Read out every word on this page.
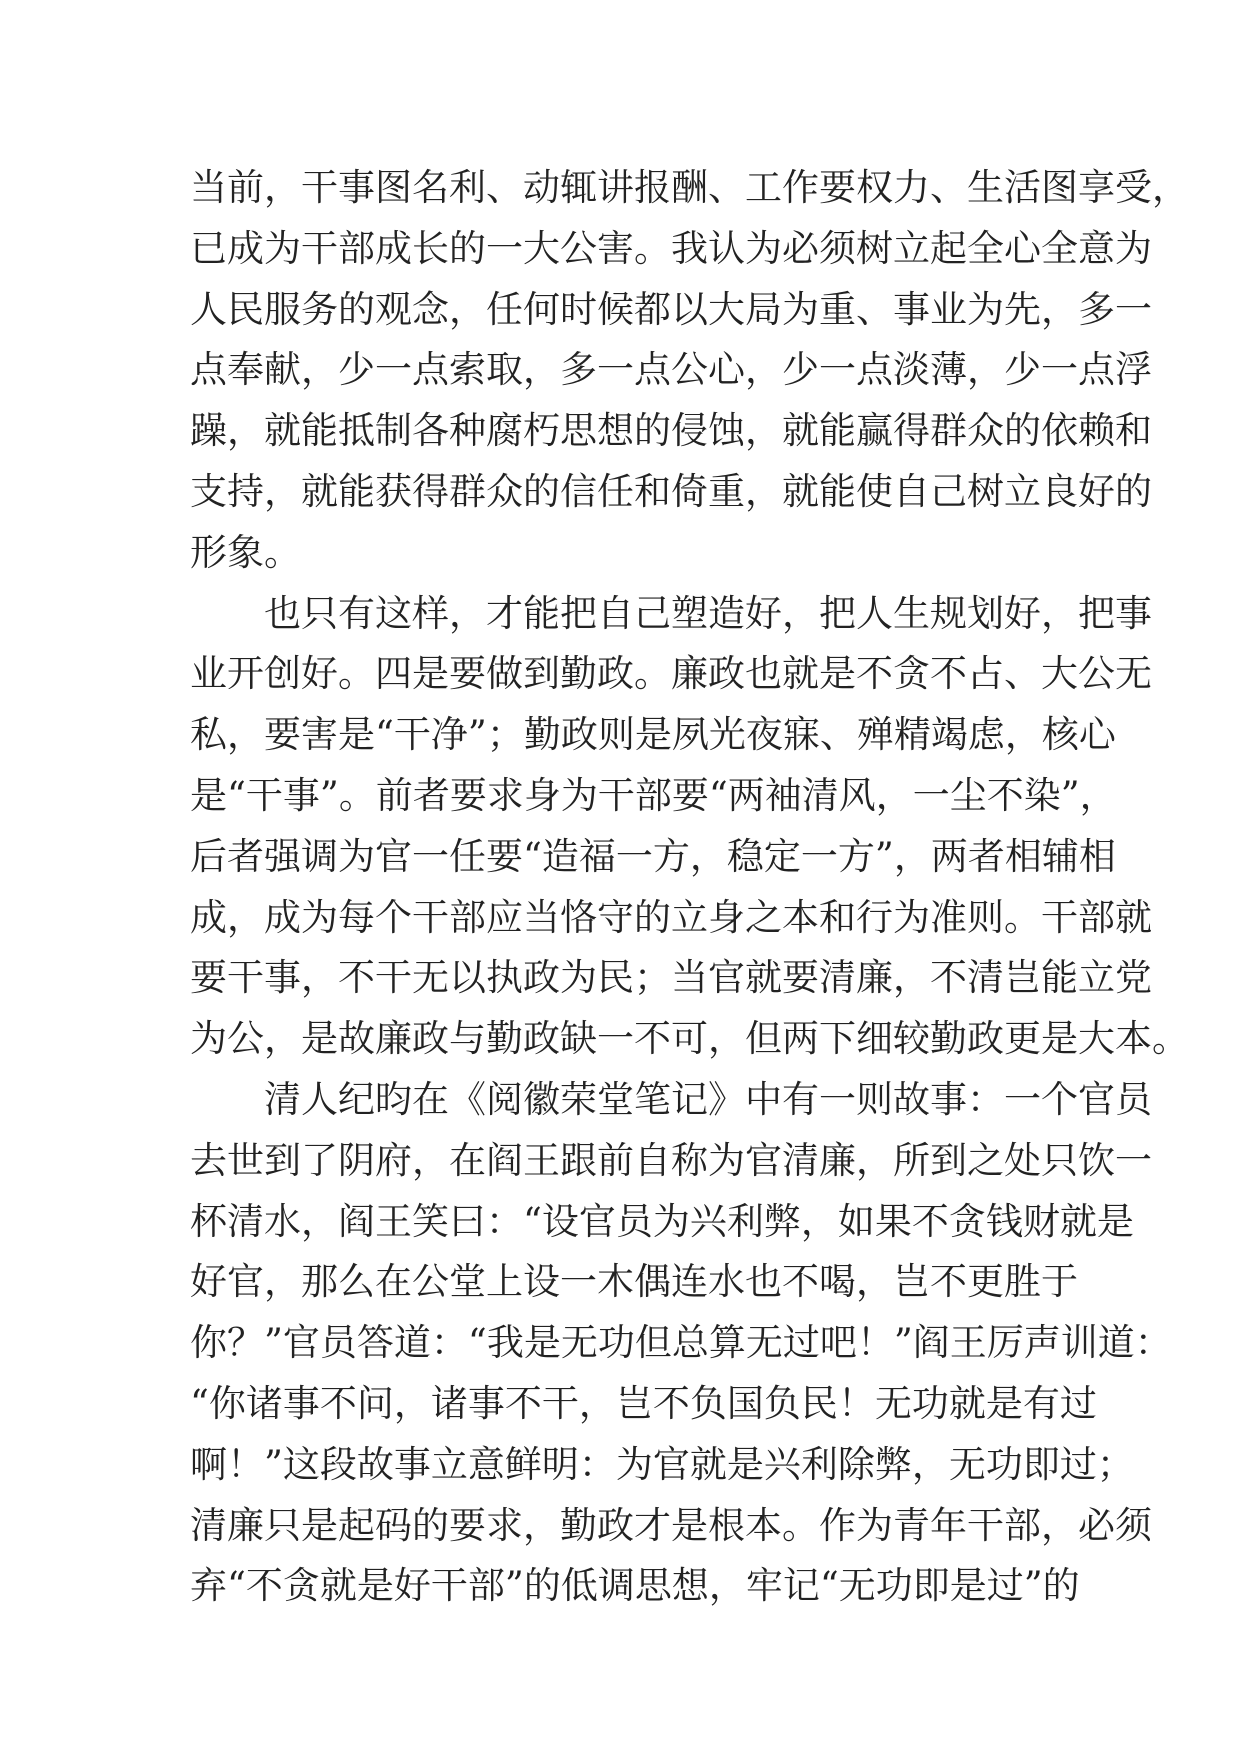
当前，干事图名利、动辄讲报酬、工作要权力、生活图享受，
已成为干部成长的一大公害。我认为必须树立起全心全意为
人民服务的观念，任何时候都以大局为重、事业为先，多一
点奉献，少一点索取，多一点公心，少一点淡薄，少一点浮
躁，就能抵制各种腐朽思想的侵蚀，就能赢得群众的依赖和
支持，就能获得群众的信任和倚重，就能使自己树立良好的
形象。
也只有这样，才能把自己塑造好，把人生规划好，把事
业开创好。四是要做到勤政。廉政也就是不贪不占、大公无
私，要害是“干净”；勤政则是夙光夜寐、殚精竭虑，核心
是“干事”。前者要求身为干部要“两袖清风，一尘不染”，
后者强调为官一任要“造福一方，稳定一方”，两者相辅相
成，成为每个干部应当恪守的立身之本和行为准则。干部就
要干事，不干无以执政为民；当官就要清廉，不清岂能立党
为公，是故廉政与勤政缺一不可，但两下细较勤政更是大本。
清人纪昀在《阅徽荣堂笔记》中有一则故事：一个官员
去世到了阴府，在阎王跟前自称为官清廉，所到之处只饮一
杯清水，阎王笑曰：“设官员为兴利弊，如果不贪钱财就是
好官，那么在公堂上设一木偶连水也不喝，岂不更胜于
你？”官员答道：“我是无功但总算无过吧！”阎王厉声训道：
“你诸事不问，诸事不干，岂不负国负民！无功就是有过
啊！”这段故事立意鲜明：为官就是兴利除弊，无功即过；
清廉只是起码的要求，勤政才是根本。作为青年干部，必须
弃“不贪就是好干部”的低调思想，牢记“无功即是过”的
